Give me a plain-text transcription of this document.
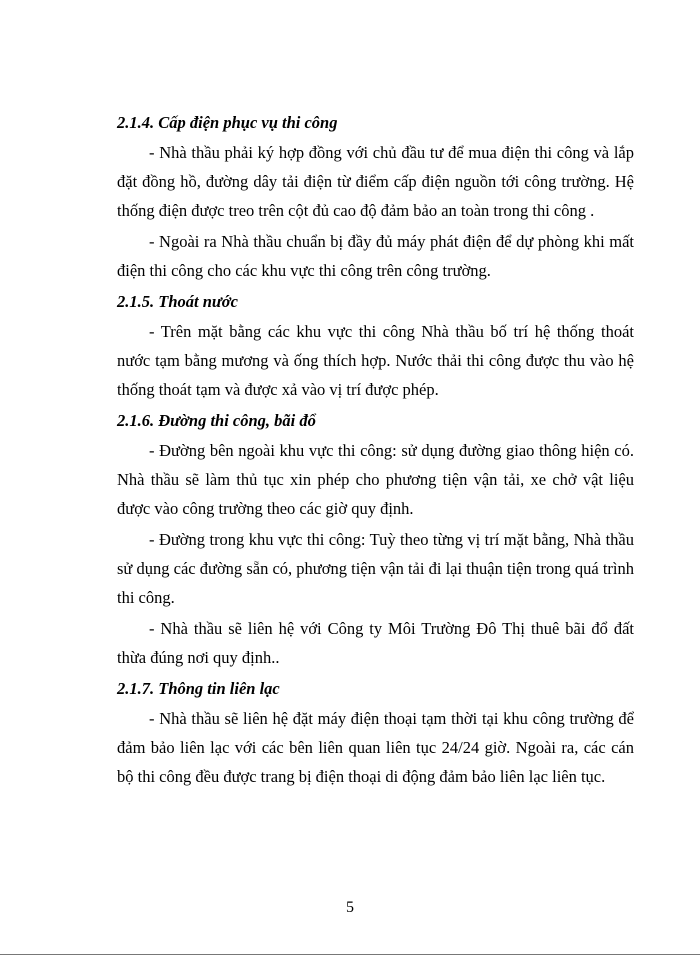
2.1.4. Cấp điện phục vụ thi công

- Nhà thầu phải ký hợp đồng với chủ đầu tư để mua điện thi công và lắp đặt đồng hồ, đường dây tải điện từ điểm cấp điện nguồn tới công trường. Hệ thống điện được treo trên cột đủ cao độ đảm bảo an toàn trong thi công .

- Ngoài ra Nhà thầu chuẩn bị đầy đủ máy phát điện để dự phòng khi mất điện thi công cho các khu vực thi công trên công trường.

2.1.5. Thoát nước

- Trên mặt bằng các khu vực thi công Nhà thầu bố trí hệ thống thoát nước tạm bằng mương và ống thích hợp. Nước thải thi công được thu vào hệ thống thoát tạm và được xả vào vị trí được phép.

2.1.6. Đường thi công, bãi đổ

- Đường bên ngoài khu vực thi công: sử dụng đường giao thông hiện có. Nhà thầu sẽ làm thủ tục xin phép cho phương tiện vận tải, xe chở vật liệu được vào công trường theo các giờ quy định.

- Đường trong khu vực thi công: Tuỳ theo từng vị trí mặt bằng, Nhà thầu sử dụng các đường sẵn có, phương tiện vận tải đi lại thuận tiện trong quá trình thi công.

- Nhà thầu sẽ liên hệ với Công ty Môi Trường Đô Thị thuê bãi đổ đất thừa đúng nơi quy định..

2.1.7. Thông tin liên lạc

- Nhà thầu sẽ liên hệ đặt máy điện thoại tạm thời tại khu công trường để đảm bảo liên lạc với các bên liên quan liên tục 24/24 giờ. Ngoài ra, các cán bộ thi công đều được trang bị điện thoại di động đảm bảo liên lạc liên tục.

5
